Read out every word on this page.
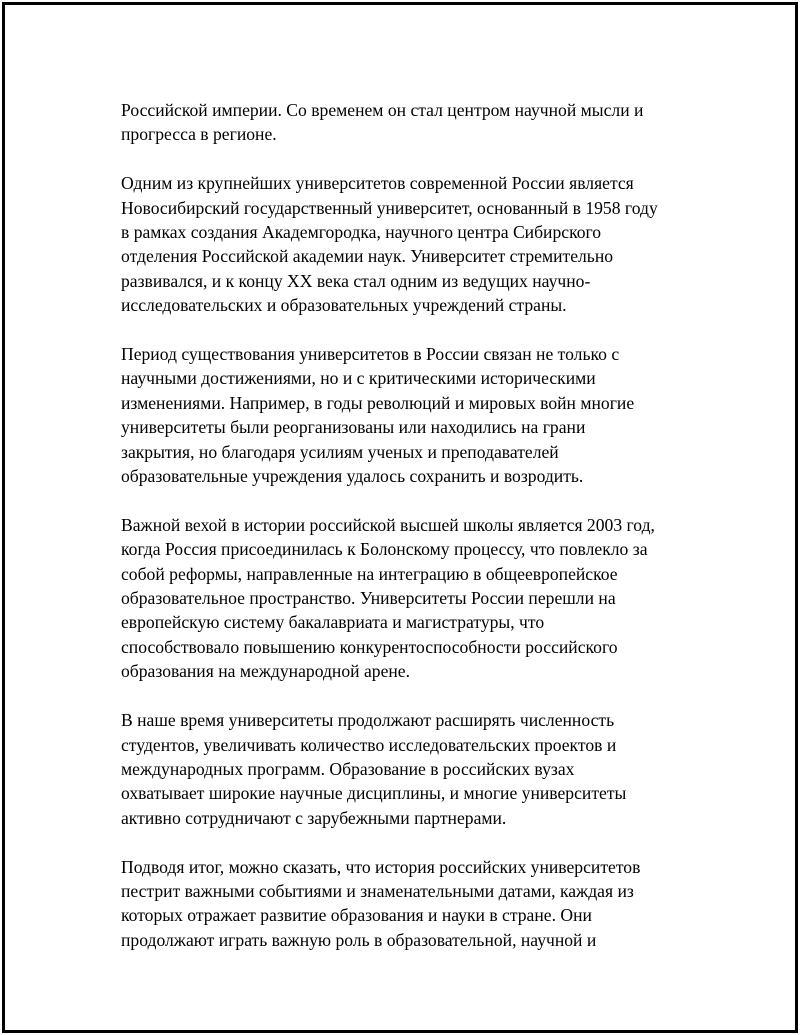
Российской империи. Со временем он стал центром научной мысли и
прогресса в регионе.

Одним из крупнейших университетов современной России является
Новосибирский государственный университет, основанный в 1958 году
в рамках создания Академгородка, научного центра Сибирского
отделения Российской академии наук. Университет стремительно
развивался, и к концу XX века стал одним из ведущих научно-
исследовательских и образовательных учреждений страны.

Период существования университетов в России связан не только с
научными достижениями, но и с критическими историческими
изменениями. Например, в годы революций и мировых войн многие
университеты были реорганизованы или находились на грани
закрытия, но благодаря усилиям ученых и преподавателей
образовательные учреждения удалось сохранить и возродить.

Важной вехой в истории российской высшей школы является 2003 год,
когда Россия присоединилась к Болонскому процессу, что повлекло за
собой реформы, направленные на интеграцию в общеевропейское
образовательное пространство. Университеты России перешли на
европейскую систему бакалавриата и магистратуры, что
способствовало повышению конкурентоспособности российского
образования на международной арене.

В наше время университеты продолжают расширять численность
студентов, увеличивать количество исследовательских проектов и
международных программ. Образование в российских вузах
охватывает широкие научные дисциплины, и многие университеты
активно сотрудничают с зарубежными партнерами.

Подводя итог, можно сказать, что история российских университетов
пестрит важными событиями и знаменательными датами, каждая из
которых отражает развитие образования и науки в стране. Они
продолжают играть важную роль в образовательной, научной и
